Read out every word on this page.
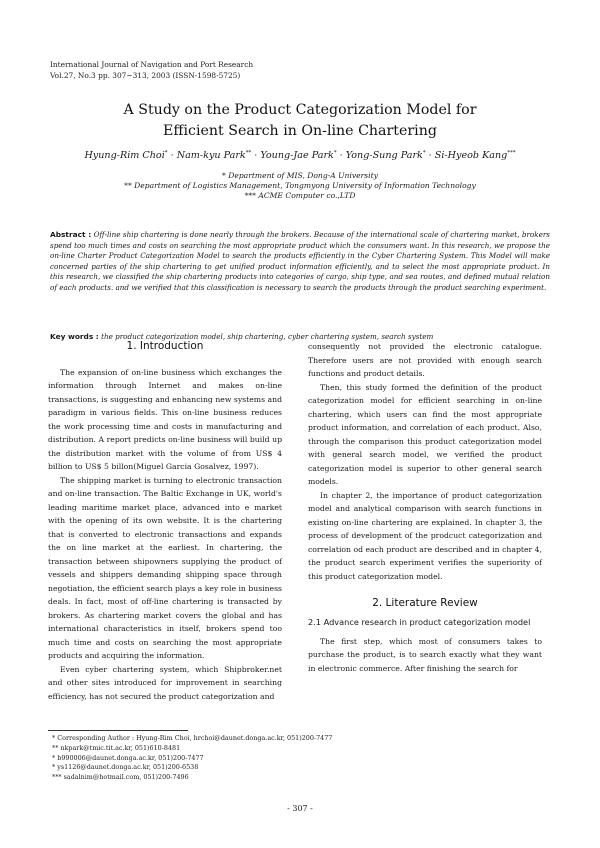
International Journal of Navigation and Port Research
Vol.27, No.3 pp. 307~313, 2003 (ISSN-1598-5725)
A Study on the Product Categorization Model for
Efficient Search in On-line Chartering
Hyung-Rim Choi* · Nam-kyu Park** · Young-Jae Park* · Yong-Sung Park* · Si-Hyeob Kang***
* Department of MIS, Dong-A University
** Department of Logistics Management, Tongmyong University of Information Technology
*** ACME Computer co.,LTD
Abstract : Off-line ship chartering is done nearly through the brokers. Because of the international scale of chartering market, brokers spend too much times and costs on searching the most appropriate product which the consumers want. In this research, we propose the on-line Charter Product Categorization Model to search the products efficiently in the Cyber Chartering System. This Model will make concerned parties of the ship chartering to get unified product information efficiently, and to select the most appropriate product. In this research, we classified the ship chartering products into categories of cargo, ship type, and sea routes, and defined mutual relation of each products. and we verified that this classification is necessary to search the products through the product searching experiment.
Key words : the product categorization model, ship chartering, cyber chartering system, search system
1. Introduction

The expansion of on-line business which exchanges the information through Internet and makes on-line transactions, is suggesting and enhancing new systems and paradigm in various fields. This on-line business reduces the work processing time and costs in manufacturing and distribution. A report predicts on-line business will build up the distribution market with the volume of from US$ 4 billion to US$ 5 billon(Miguel Garcia Gosalvez, 1997).

The shipping market is turning to electronic transaction and on-line transaction. The Baltic Exchange in UK, world's leading maritime market place, advanced into e market with the opening of its own website. It is the chartering that is converted to electronic transactions and expands the on line market at the earliest. In chartering, the transaction between shipowners supplying the product of vessels and shippers demanding shipping space through negotiation, the efficient search plays a key role in business deals. In fact, most of off-line chartering is transacted by brokers. As chartering market covers the global and has international characteristics in itself, brokers spend too much time and costs on searching the most appropriate products and acquiring the information.

Even cyber chartering system, which Shipbroker.net and other sites introduced for improvement in searching efficiency, has not secured the product categorization and

consequently not provided the electronic catalogue. Therefore users are not provided with enough search functions and product details.

Then, this study formed the definition of the product categorization model for efficient searching in on-line chartering, which users can find the most appropriate product information, and correlation of each product. Also, through the comparison this product categorization model with general search model, we verified the product categorization model is superior to other general search models.

In chapter 2, the importance of product categorization model and analytical comparison with search functions in existing on-line chartering are explained. In chapter 3, the process of development of the prodcuct categorization and correlation od each product are described and in chapter 4, the product search experiment verifies the superiority of this product categorization model.

2. Literature Review
2.1 Advance research in product categorization model

The first step, which most of consumers takes to purchase the product, is to search exactly what they want in electronic commerce. After finishing the search for

* Corresponding Author : Hyung-Rim Choi, hrchoi@daunet.donga.ac.kr, 051)200-7477
** nkpark@tmic.tit.ac.kr, 051)610-8481
* b990006@daunet.donga.ac.kr, 051)200-7477
* ys1126@daunet.donga.ac.kr, 051)200-6538
*** sadalnim@hotmail.com, 051)200-7496
- 307 -
